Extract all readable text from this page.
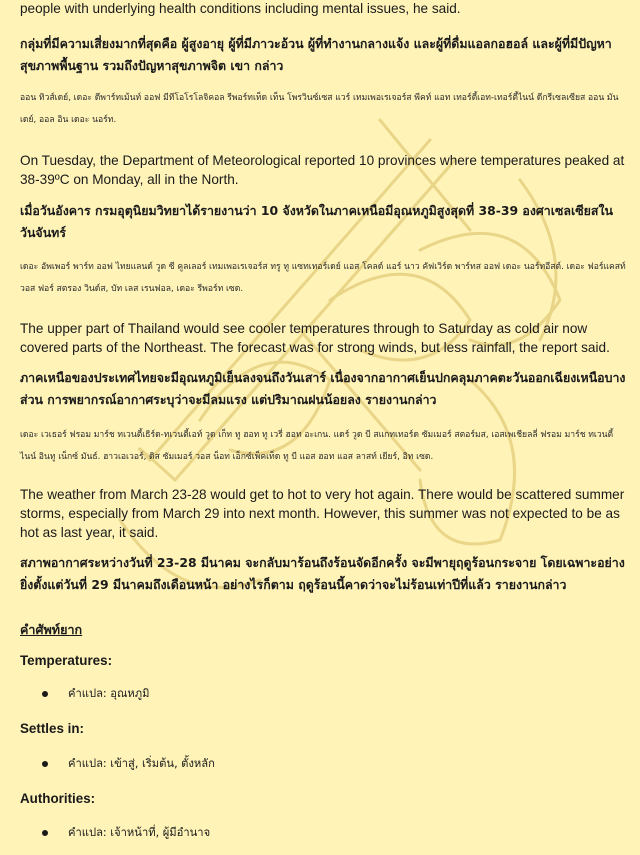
people with underlying health conditions including mental issues, he said.

กลุ่มที่มีความเสี่ยงมากที่สุดคือ ผู้สูงอายุ ผู้ที่มีภาวะอ้วน ผู้ที่ทำงานกลางแจ้ง และผู้ที่ดื่มแอลกอฮอล์ และผู้ที่มีปัญหาสุขภาพพื้นฐาน รวมถึงปัญหาสุขภาพจิต เขา กล่าว

ออน ทิวส์เดย์, เดอะ ดีพาร์ทเม้นท์ ออฟ มีทีโอโรโลจิคอล รีพอร์ทเท็ด เท็น โพรวินซ์เซส แวร์ เทมเพอเรเจอร์ส พีคท์ แอท เทอร์ตี้เอท-เทอร์ตี้ไนน์ ดีกรีเซลเซียส ออน มันเดย์, ออล อิน เดอะ นอร์ท.

On Tuesday, the Department of Meteorological reported 10 provinces where temperatures peaked at 38-39ºC on Monday, all in the North.

เมื่อวันอังคาร กรมอุตุนิยมวิทยาได้รายงานว่า 10 จังหวัดในภาคเหนือมีอุณหภูมิสูงสุดที่ 38-39 องศาเซลเซียสในวันจันทร์

เดอะ อัพเพอร์ พาร์ท ออฟ ไทยแลนด์ วูด ซี คูลเลอร์ เทมเพอเรเจอร์ส ทรู ทู แซทเทอร์เดย์ แอส โคลด์ แอร์ นาว คัฟเวิร์ด พาร์ทส ออฟ เดอะ นอร์ทอีสต์. เดอะ ฟอร์แคสท์ วอส ฟอร์ สตรอง วินด์ส, บัท เลส เรนฟอล, เดอะ รีพอร์ท เซด.

The upper part of Thailand would see cooler temperatures through to Saturday as cold air now covered parts of the Northeast. The forecast was for strong winds, but less rainfall, the report said.

ภาคเหนือของประเทศไทยจะมีอุณหภูมิเย็นลงจนถึงวันเสาร์ เนื่องจากอากาศเย็นปกคลุมภาคตะวันออกเฉียงเหนือบางส่วน การพยากรณ์อากาศระบุว่าจะมีลมแรง แต่ปริมาณฝนน้อยลง รายงานกล่าว

เดอะ เวเธอร์ ฟรอม มาร์ช ทเวนตี้เธิร์ด-ทเวนตี้เอท์ วูด เก็ท ทู ฮอท ทู เวรี่ ฮอท อะเกน. แดร์ วูด บี สแกทเทอร์ด ซัมเมอร์ สตอร์มส, เอสเพเชียลลี่ ฟรอม มาร์ช ทเวนตี้ไนน์ อินทู เน็กซ์ มันธ์. ฮาวเอเวอร์, ดิส ซัมเมอร์ วอส น็อท เอ็กซ์เพ็คเท็ด ทู บี แอส ฮอท แอส ลาสท์ เยียร์, อิท เซด.

The weather from March 23-28 would get to hot to very hot again. There would be scattered summer storms, especially from March 29 into next month. However, this summer was not expected to be as hot as last year, it said.

สภาพอากาศระหว่างวันที่ 23-28 มีนาคม จะกลับมาร้อนถึงร้อนจัดอีกครั้ง จะมีพายุฤดูร้อนกระจาย โดยเฉพาะอย่างยิ่งตั้งแต่วันที่ 29 มีนาคมถึงเดือนหน้า อย่างไรก็ตาม ฤดูร้อนนี้คาดว่าจะไม่ร้อนเท่าปีที่แล้ว รายงานกล่าว

คำศัพท์ยาก

Temperatures:

คำแปล: อุณหภูมิ

Settles in:

คำแปล: เข้าสู่, เริ่มต้น, ตั้งหลัก

Authorities:

คำแปล: เจ้าหน้าที่, ผู้มีอำนาจ
